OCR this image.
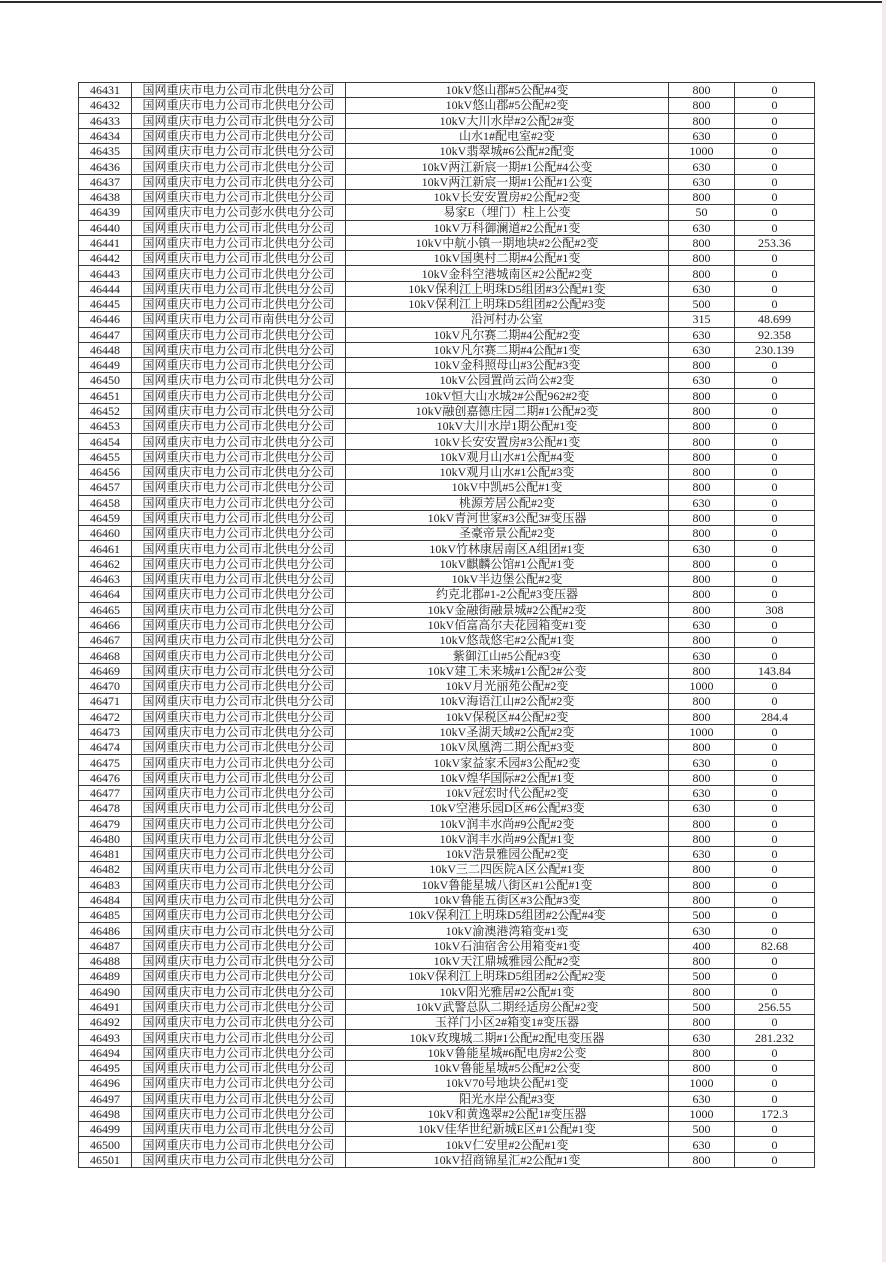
46431	国网重庆市电力公司市北供电分公司	10kV悠山郡#5公配#4变	800	0
46432	国网重庆市电力公司市北供电分公司	10kV悠山郡#5公配#2变	800	0
46433	国网重庆市电力公司市北供电分公司	10kV大川水岸#2公配2#变	800	0
46434	国网重庆市电力公司市北供电分公司	山水1#配电室#2变	630	0
46435	国网重庆市电力公司市北供电分公司	10kV翡翠城#6公配#2配变	1000	0
46436	国网重庆市电力公司市北供电分公司	10kV两江新宸一期#1公配#4公变	630	0
46437	国网重庆市电力公司市北供电分公司	10kV两江新宸一期#1公配#1公变	630	0
46438	国网重庆市电力公司市北供电分公司	10kV长安安置房#2公配#2变	800	0
46439	国网重庆市电力公司彭水供电分公司	易家E（埋门）柱上公变	50	0
46440	国网重庆市电力公司市北供电分公司	10kV万科御澜道#2公配#1变	630	0
46441	国网重庆市电力公司市北供电分公司	10kV中航小镇一期地块#2公配#2变	800	253.36
46442	国网重庆市电力公司市北供电分公司	10kV国奥村二期#4公配#1变	800	0
46443	国网重庆市电力公司市北供电分公司	10kV金科空港城南区#2公配#2变	800	0
46444	国网重庆市电力公司市北供电分公司	10kV保利江上明珠D5组团#3公配#1变	630	0
46445	国网重庆市电力公司市北供电分公司	10kV保利江上明珠D5组团#2公配#3变	500	0
46446	国网重庆市电力公司市南供电分公司	沿河村办公室	315	48.699
46447	国网重庆市电力公司市北供电分公司	10kV凡尔赛二期#4公配#2变	630	92.358
46448	国网重庆市电力公司市北供电分公司	10kV凡尔赛二期#4公配#1变	630	230.139
46449	国网重庆市电力公司市北供电分公司	10kV金科照母山#3公配#3变	800	0
46450	国网重庆市电力公司市北供电分公司	10kV公园置尚云尚公#2变	630	0
46451	国网重庆市电力公司市北供电分公司	10kV恒大山水城2#公配962#2变	800	0
46452	国网重庆市电力公司市北供电分公司	10kV融创嘉德庄园二期#1公配#2变	800	0
46453	国网重庆市电力公司市北供电分公司	10kV大川水岸1期公配#1变	800	0
46454	国网重庆市电力公司市北供电分公司	10kV长安安置房#3公配#1变	800	0
46455	国网重庆市电力公司市北供电分公司	10kV观月山水#1公配#4变	800	0
46456	国网重庆市电力公司市北供电分公司	10kV观月山水#1公配#3变	800	0
46457	国网重庆市电力公司市北供电分公司	10kV中凯#5公配#1变	800	0
46458	国网重庆市电力公司市北供电分公司	桃源芳居公配#2变	630	0
46459	国网重庆市电力公司市北供电分公司	10kV青河世家#3公配3#变压器	800	0
46460	国网重庆市电力公司市北供电分公司	圣豪帝景公配#2变	800	0
46461	国网重庆市电力公司市北供电分公司	10kV竹林康居南区A组团#1变	630	0
46462	国网重庆市电力公司市北供电分公司	10kV麒麟公馆#1公配#1变	800	0
46463	国网重庆市电力公司市北供电分公司	10kV半边堡公配#2变	800	0
46464	国网重庆市电力公司市北供电分公司	约克北郡#1-2公配#3变压器	800	0
46465	国网重庆市电力公司市北供电分公司	10kV金融街融景城#2公配#2变	800	308
46466	国网重庆市电力公司市北供电分公司	10kV佰富高尔夫花园箱变#1变	630	0
46467	国网重庆市电力公司市北供电分公司	10kV悠哉悠宅#2公配#1变	800	0
46468	国网重庆市电力公司市北供电分公司	紫御江山#5公配#3变	630	0
46469	国网重庆市电力公司市北供电分公司	10kV建工未来城#1公配2#公变	800	143.84
46470	国网重庆市电力公司市北供电分公司	10kV月光丽苑公配#2变	1000	0
46471	国网重庆市电力公司市北供电分公司	10kV海语江山#2公配#2变	800	0
46472	国网重庆市电力公司市北供电分公司	10kV保税区#4公配#2变	800	284.4
46473	国网重庆市电力公司市北供电分公司	10kV圣湖天域#2公配#2变	1000	0
46474	国网重庆市电力公司市北供电分公司	10kV凤凰湾二期公配#3变	800	0
46475	国网重庆市电力公司市北供电分公司	10kV家益家禾园#3公配#2变	630	0
46476	国网重庆市电力公司市北供电分公司	10kV煌华国际#2公配#1变	800	0
46477	国网重庆市电力公司市北供电分公司	10kV冠宏时代公配#2变	630	0
46478	国网重庆市电力公司市北供电分公司	10kV空港乐园D区#6公配#3变	630	0
46479	国网重庆市电力公司市北供电分公司	10kV润丰水尚#9公配#2变	800	0
46480	国网重庆市电力公司市北供电分公司	10kV润丰水尚#9公配#1变	800	0
46481	国网重庆市电力公司市北供电分公司	10kV浩景雅园公配#2变	630	0
46482	国网重庆市电力公司市北供电分公司	10kV三二四医院A区公配#1变	800	0
46483	国网重庆市电力公司市北供电分公司	10kV鲁能星城八街区#1公配#1变	800	0
46484	国网重庆市电力公司市北供电分公司	10kV鲁能五街区#3公配#3变	800	0
46485	国网重庆市电力公司市北供电分公司	10kV保利江上明珠D5组团#2公配#4变	500	0
46486	国网重庆市电力公司市北供电分公司	10kV渝澳港湾箱变#1变	630	0
46487	国网重庆市电力公司市北供电分公司	10kV石油宿舍公用箱变#1变	400	82.68
46488	国网重庆市电力公司市北供电分公司	10kV天江鼎城雅园公配#2变	800	0
46489	国网重庆市电力公司市北供电分公司	10kV保利江上明珠D5组团#2公配#2变	500	0
46490	国网重庆市电力公司市北供电分公司	10kV阳光雅居#2公配#1变	800	0
46491	国网重庆市电力公司市北供电分公司	10kV武警总队二期经适房公配#2变	500	256.55
46492	国网重庆市电力公司市北供电分公司	玉祥门小区2#箱变1#变压器	800	0
46493	国网重庆市电力公司市北供电分公司	10kV玫瑰城二期#1公配#2配电变压器	630	281.232
46494	国网重庆市电力公司市北供电分公司	10kV鲁能星城#6配电房#2公变	800	0
46495	国网重庆市电力公司市北供电分公司	10kV鲁能星城#5公配#2公变	800	0
46496	国网重庆市电力公司市北供电分公司	10kV70号地块公配#1变	1000	0
46497	国网重庆市电力公司市北供电分公司	阳光水岸公配#3变	630	0
46498	国网重庆市电力公司市北供电分公司	10kV和黄逸翠#2公配1#变压器	1000	172.3
46499	国网重庆市电力公司市北供电分公司	10kV佳华世纪新城E区#1公配#1变	500	0
46500	国网重庆市电力公司市北供电分公司	10kV仁安里#2公配#1变	630	0
46501	国网重庆市电力公司市北供电分公司	10kV招商锦星汇#2公配#1变	800	0
